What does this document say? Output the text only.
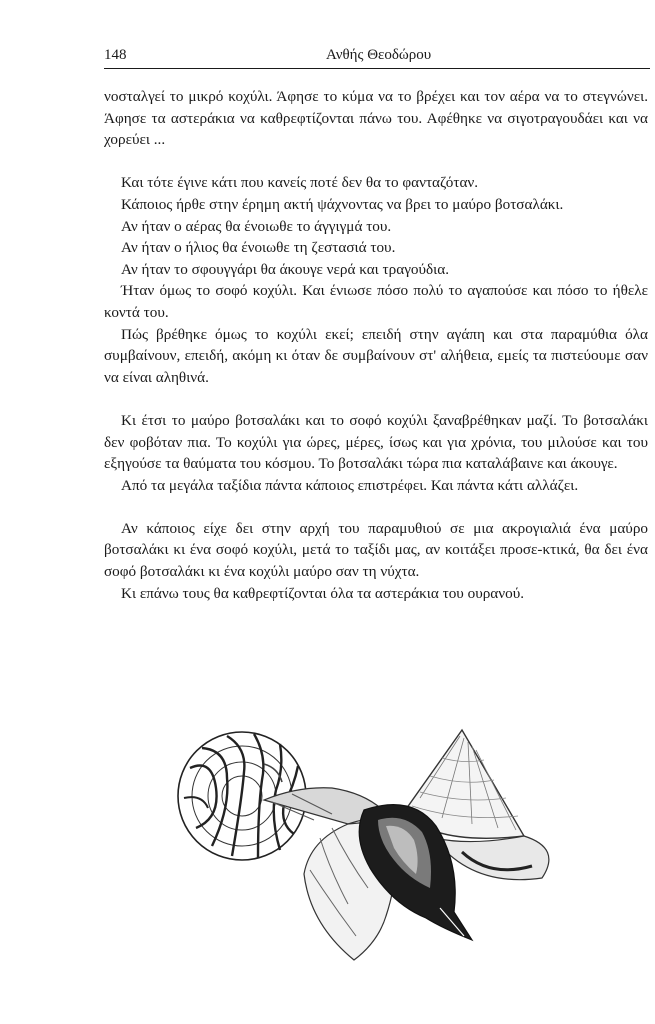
148	Ανθής Θεοδώρου

νοσταλγεί το μικρό κοχύλι. Άφησε το κύμα να το βρέχει και τον αέρα να το στεγνώνει. Άφησε τα αστεράκια να καθρεφτίζονται πάνω του. Αφέθηκε να σιγοτραγουδάει και να χορεύει ...

Και τότε έγινε κάτι που κανείς ποτέ δεν θα το φανταζόταν.

Κάποιος ήρθε στην έρημη ακτή ψάχνοντας να βρει το μαύρο βοτσαλάκι.

Αν ήταν ο αέρας θα ένοιωθε το άγγιγμά του.

Αν ήταν ο ήλιος θα ένοιωθε τη ζεστασιά του.

Αν ήταν το σφουγγάρι θα άκουγε νερά και τραγούδια.

Ήταν όμως το σοφό κοχύλι. Και ένιωσε πόσο πολύ το αγαπούσε και πόσο το ήθελε κοντά του.

Πώς βρέθηκε όμως το κοχύλι εκεί; επειδή στην αγάπη και στα παραμύθια όλα συμβαίνουν, επειδή, ακόμη κι όταν δε συμβαίνουν στ' αλήθεια, εμείς τα πιστεύουμε σαν να είναι αληθινά.

Κι έτσι το μαύρο βοτσαλάκι και το σοφό κοχύλι ξαναβρέθηκαν μαζί. Το βοτσαλάκι δεν φοβόταν πια. Το κοχύλι για ώρες, μέρες, ίσως και για χρόνια, του μιλούσε και του εξηγούσε τα θαύματα του κόσμου. Το βοτσαλάκι τώρα πια καταλάβαινε και άκουγε.

Από τα μεγάλα ταξίδια πάντα κάποιος επιστρέφει. Και πάντα κάτι αλλάζει.

Αν κάποιος είχε δει στην αρχή του παραμυθιού σε μια ακρογιαλιά ένα μαύρο βοτσαλάκι κι ένα σοφό κοχύλι, μετά το ταξίδι μας, αν κοιτάξει προσε-κτικά, θα δει ένα σοφό βοτσαλάκι κι ένα κοχύλι μαύρο σαν τη νύχτα.

Κι επάνω τους θα καθρεφτίζονται όλα τα αστεράκια του ουρανού.
